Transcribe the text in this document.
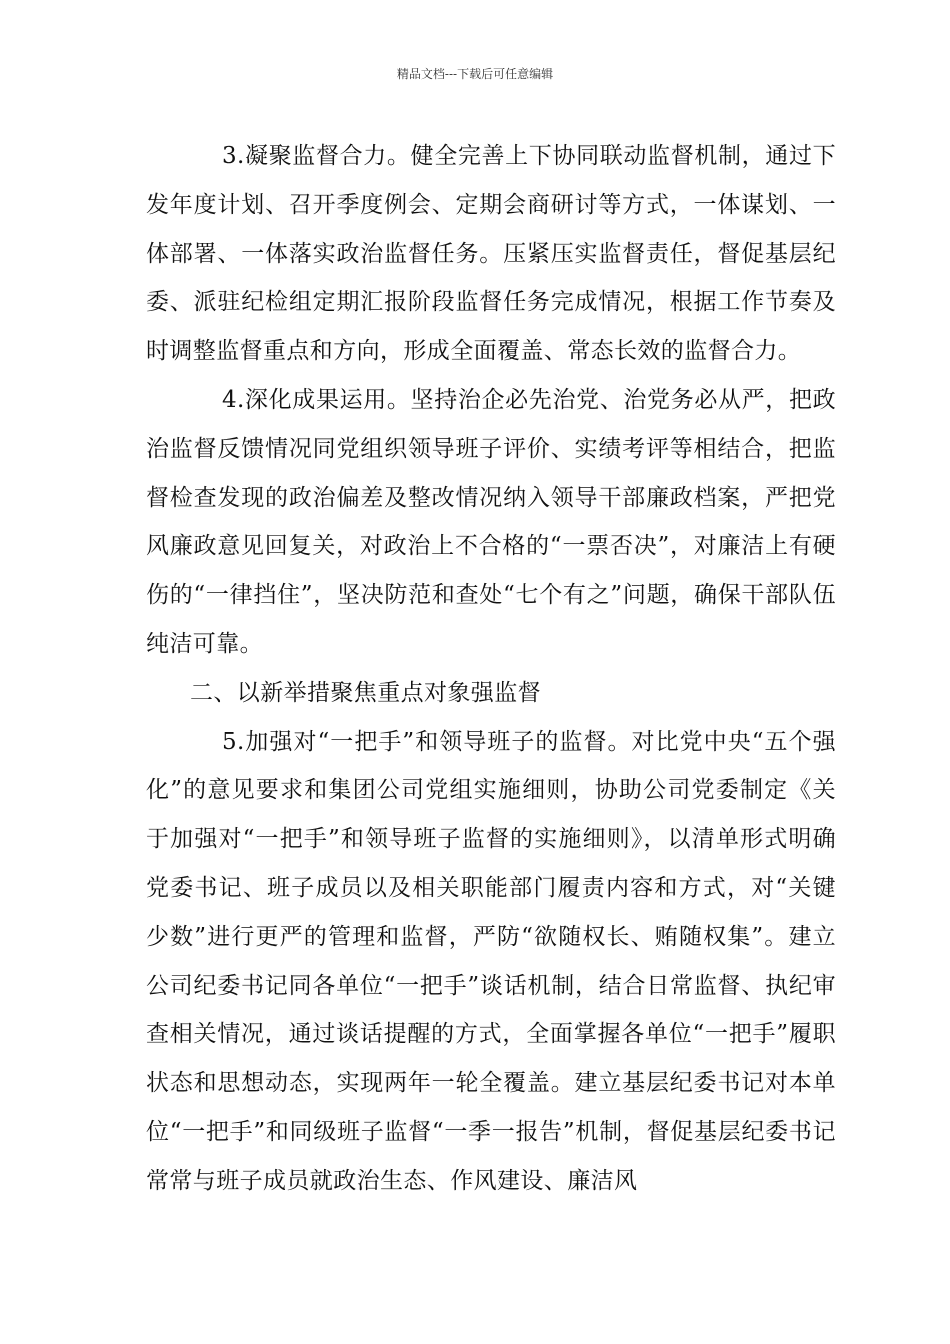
精品文档---下载后可任意编辑

3.凝聚监督合力。健全完善上下协同联动监督机制，通过下发年度计划、召开季度例会、定期会商研讨等方式，一体谋划、一体部署、一体落实政治监督任务。压紧压实监督责任，督促基层纪委、派驻纪检组定期汇报阶段监督任务完成情况，根据工作节奏及时调整监督重点和方向，形成全面覆盖、常态长效的监督合力。

4.深化成果运用。坚持治企必先治党、治党务必从严，把政治监督反馈情况同党组织领导班子评价、实绩考评等相结合，把监督检查发现的政治偏差及整改情况纳入领导干部廉政档案，严把党风廉政意见回复关，对政治上不合格的“一票否决”，对廉洁上有硬伤的“一律挡住”，坚决防范和查处“七个有之”问题，确保干部队伍纯洁可靠。

二、以新举措聚焦重点对象强监督

5.加强对“一把手”和领导班子的监督。对比党中央“五个强化”的意见要求和集团公司党组实施细则，协助公司党委制定《关于加强对“一把手”和领导班子监督的实施细则》，以清单形式明确党委书记、班子成员以及相关职能部门履责内容和方式，对“关键少数”进行更严的管理和监督，严防“欲随权长、贿随权集”。建立公司纪委书记同各单位“一把手”谈话机制，结合日常监督、执纪审查相关情况，通过谈话提醒的方式，全面掌握各单位“一把手”履职状态和思想动态，实现两年一轮全覆盖。建立基层纪委书记对本单位“一把手”和同级班子监督“一季一报告”机制，督促基层纪委书记常常与班子成员就政治生态、作风建设、廉洁风
